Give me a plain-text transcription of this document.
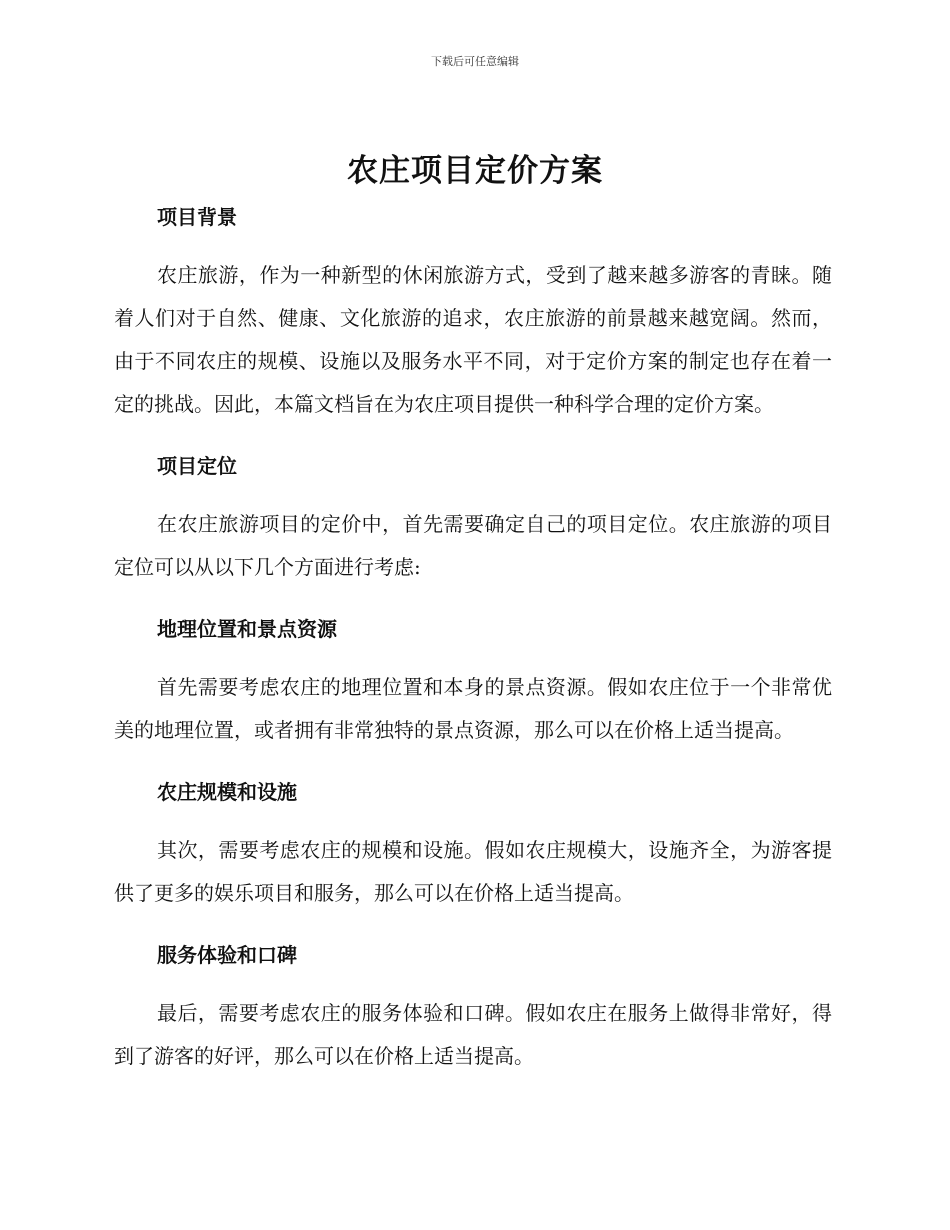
下载后可任意编辑
农庄项目定价方案
项目背景

农庄旅游，作为一种新型的休闲旅游方式，受到了越来越多游客的青睐。随着人们对于自然、健康、文化旅游的追求，农庄旅游的前景越来越宽阔。然而，由于不同农庄的规模、设施以及服务水平不同，对于定价方案的制定也存在着一定的挑战。因此，本篇文档旨在为农庄项目提供一种科学合理的定价方案。

项目定位

在农庄旅游项目的定价中，首先需要确定自己的项目定位。农庄旅游的项目定位可以从以下几个方面进行考虑:

地理位置和景点资源

首先需要考虑农庄的地理位置和本身的景点资源。假如农庄位于一个非常优美的地理位置，或者拥有非常独特的景点资源，那么可以在价格上适当提高。

农庄规模和设施

其次，需要考虑农庄的规模和设施。假如农庄规模大，设施齐全，为游客提供了更多的娱乐项目和服务，那么可以在价格上适当提高。

服务体验和口碑

最后，需要考虑农庄的服务体验和口碑。假如农庄在服务上做得非常好，得到了游客的好评，那么可以在价格上适当提高。
